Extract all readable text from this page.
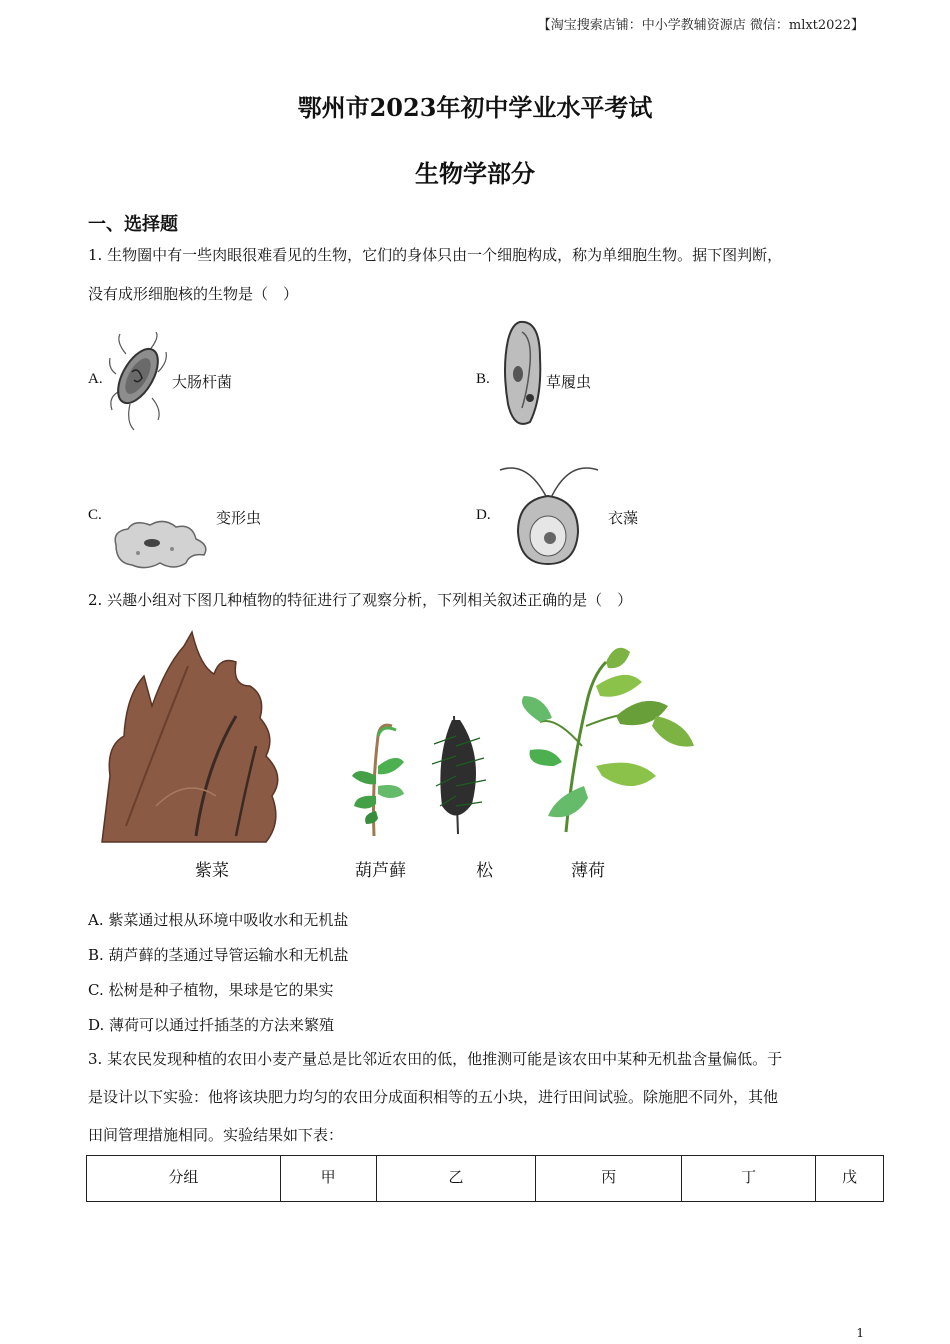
【淘宝搜索店铺：中小学教辅资源店 微信：mlxt2022】
鄂州市2023年初中学业水平考试
生物学部分
一、选择题
1. 生物圈中有一些肉眼很难看见的生物，它们的身体只由一个细胞构成，称为单细胞生物。据下图判断，
没有成形细胞核的生物是（　）
A.	大肠杆菌	B.	草履虫
C.	变形虫	D.	衣藻
2. 兴趣小组对下图几种植物的特征进行了观察分析，下列相关叙述正确的是（　）
紫菜	葫芦藓	松	薄荷
A. 紫菜通过根从环境中吸收水和无机盐
B. 葫芦藓的茎通过导管运输水和无机盐
C. 松树是种子植物，果球是它的果实
D. 薄荷可以通过扦插茎的方法来繁殖
3. 某农民发现种植的农田小麦产量总是比邻近农田的低，他推测可能是该农田中某种无机盐含量偏低。于
是设计以下实验：他将该块肥力均匀的农田分成面积相等的五小块，进行田间试验。除施肥不同外，其他
田间管理措施相同。实验结果如下表：
分组	甲	乙	丙	丁	戊
1
